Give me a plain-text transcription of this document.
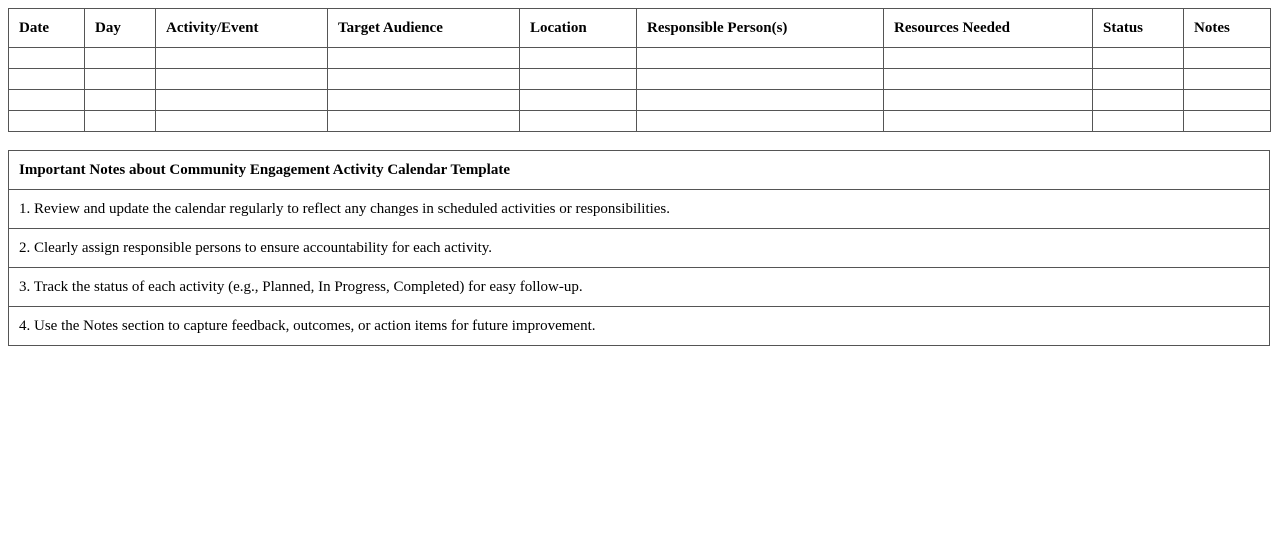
Date	Day	Activity/Event	Target Audience	Location	Responsible Person(s)	Resources Needed	Status	Notes

Important Notes about Community Engagement Activity Calendar Template
1. Review and update the calendar regularly to reflect any changes in scheduled activities or responsibilities.
2. Clearly assign responsible persons to ensure accountability for each activity.
3. Track the status of each activity (e.g., Planned, In Progress, Completed) for easy follow-up.
4. Use the Notes section to capture feedback, outcomes, or action items for future improvement.
